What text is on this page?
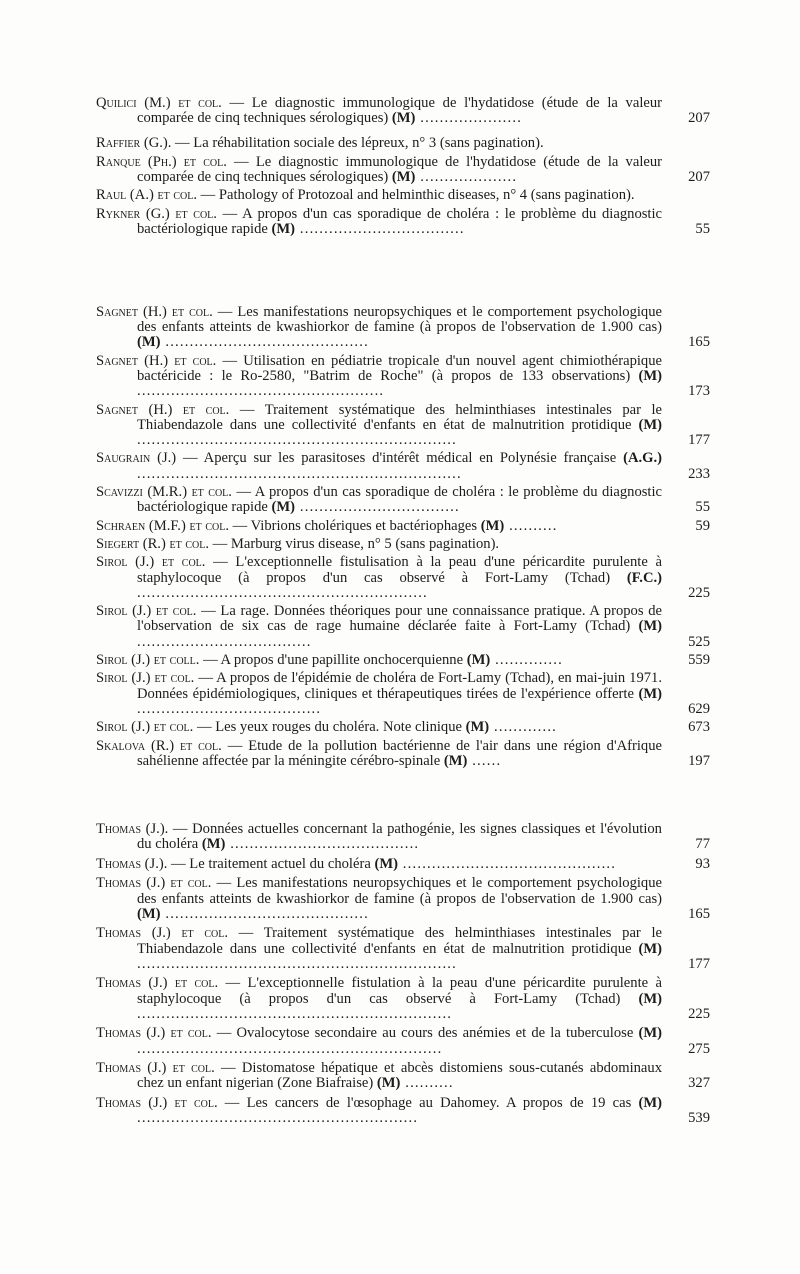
Quilici (M.) et col. — Le diagnostic immunologique de l'hydatidose (étude de la valeur comparée de cinq techniques sérologiques) (M) .....................	207
Raffier (G.). — La réhabilitation sociale des lépreux, n° 3 (sans pagination).
Ranque (Ph.) et col. — Le diagnostic immunologique de l'hydatidose (étude de la valeur comparée de cinq techniques sérologiques) (M) ....................	207
Raul (A.) et col. — Pathology of Protozoal and helminthic diseases, n° 4 (sans pagination).
Rykner (G.) et col. — A propos d'un cas sporadique de choléra : le problème du diagnostic bactériologique rapide (M) ..................................	55
Sagnet (H.) et col. — Les manifestations neuropsychiques et le comportement psychologique des enfants atteints de kwashiorkor de famine (à propos de l'observation de 1.900 cas) (M) ..........................................	165
Sagnet (H.) et col. — Utilisation en pédiatrie tropicale d'un nouvel agent chimiothérapique bactéricide : le Ro-2580, "Batrim de Roche" (à propos de 133 observations) (M) ...................................................	173
Sagnet (H.) et col. — Traitement systématique des helminthiases intestinales par le Thiabendazole dans une collectivité d'enfants en état de malnutrition protidique (M) ..................................................................	177
Saugrain (J.) — Aperçu sur les parasitoses d'intérêt médical en Polynésie française (A.G.) ...................................................................	233
Scavizzi (M.R.) et col. — A propos d'un cas sporadique de choléra : le problème du diagnostic bactériologique rapide (M) .................................	55
Schraen (M.F.) et col. — Vibrions cholériques et bactériophages (M) ..........	59
Siegert (R.) et col. — Marburg virus disease, n° 5 (sans pagination).
Sirol (J.) et col. — L'exceptionnelle fistulisation à la peau d'une péricardite purulente à staphylocoque (à propos d'un cas observé à Fort-Lamy (Tchad) (F.C.) ............................................................	225
Sirol (J.) et col. — La rage. Données théoriques pour une connaissance pratique. A propos de l'observation de six cas de rage humaine déclarée faite à Fort-Lamy (Tchad) (M) ....................................	525
Sirol (J.) et coll. — A propos d'une papillite onchocerquienne (M) ..............	559
Sirol (J.) et col. — A propos de l'épidémie de choléra de Fort-Lamy (Tchad), en mai-juin 1971. Données épidémiologiques, cliniques et thérapeutiques tirées de l'expérience offerte (M) ......................................	629
Sirol (J.) et col. — Les yeux rouges du choléra. Note clinique (M) .............	673
Skalova (R.) et col. — Etude de la pollution bactérienne de l'air dans une région d'Afrique sahélienne affectée par la méningite cérébro-spinale (M) ......	197
Thomas (J.). — Données actuelles concernant la pathogénie, les signes classiques et l'évolution du choléra (M) .......................................	77
Thomas (J.). — Le traitement actuel du choléra (M) ............................................	93
Thomas (J.) et col. — Les manifestations neuropsychiques et le comportement psychologique des enfants atteints de kwashiorkor de famine (à propos de l'observation de 1.900 cas) (M) ..........................................	165
Thomas (J.) et col. — Traitement systématique des helminthiases intestinales par le Thiabendazole dans une collectivité d'enfants en état de malnutrition protidique (M) ..................................................................	177
Thomas (J.) et col. — L'exceptionnelle fistulation à la peau d'une péricardite purulente à staphylocoque (à propos d'un cas observé à Fort-Lamy (Tchad) (M) .................................................................	225
Thomas (J.) et col. — Ovalocytose secondaire au cours des anémies et de la tuberculose (M) ...............................................................	275
Thomas (J.) et col. — Distomatose hépatique et abcès distomiens sous-cutanés abdominaux chez un enfant nigerian (Zone Biafraise) (M) ..........	327
Thomas (J.) et col. — Les cancers de l'œsophage au Dahomey. A propos de 19 cas (M) ..........................................................	539
